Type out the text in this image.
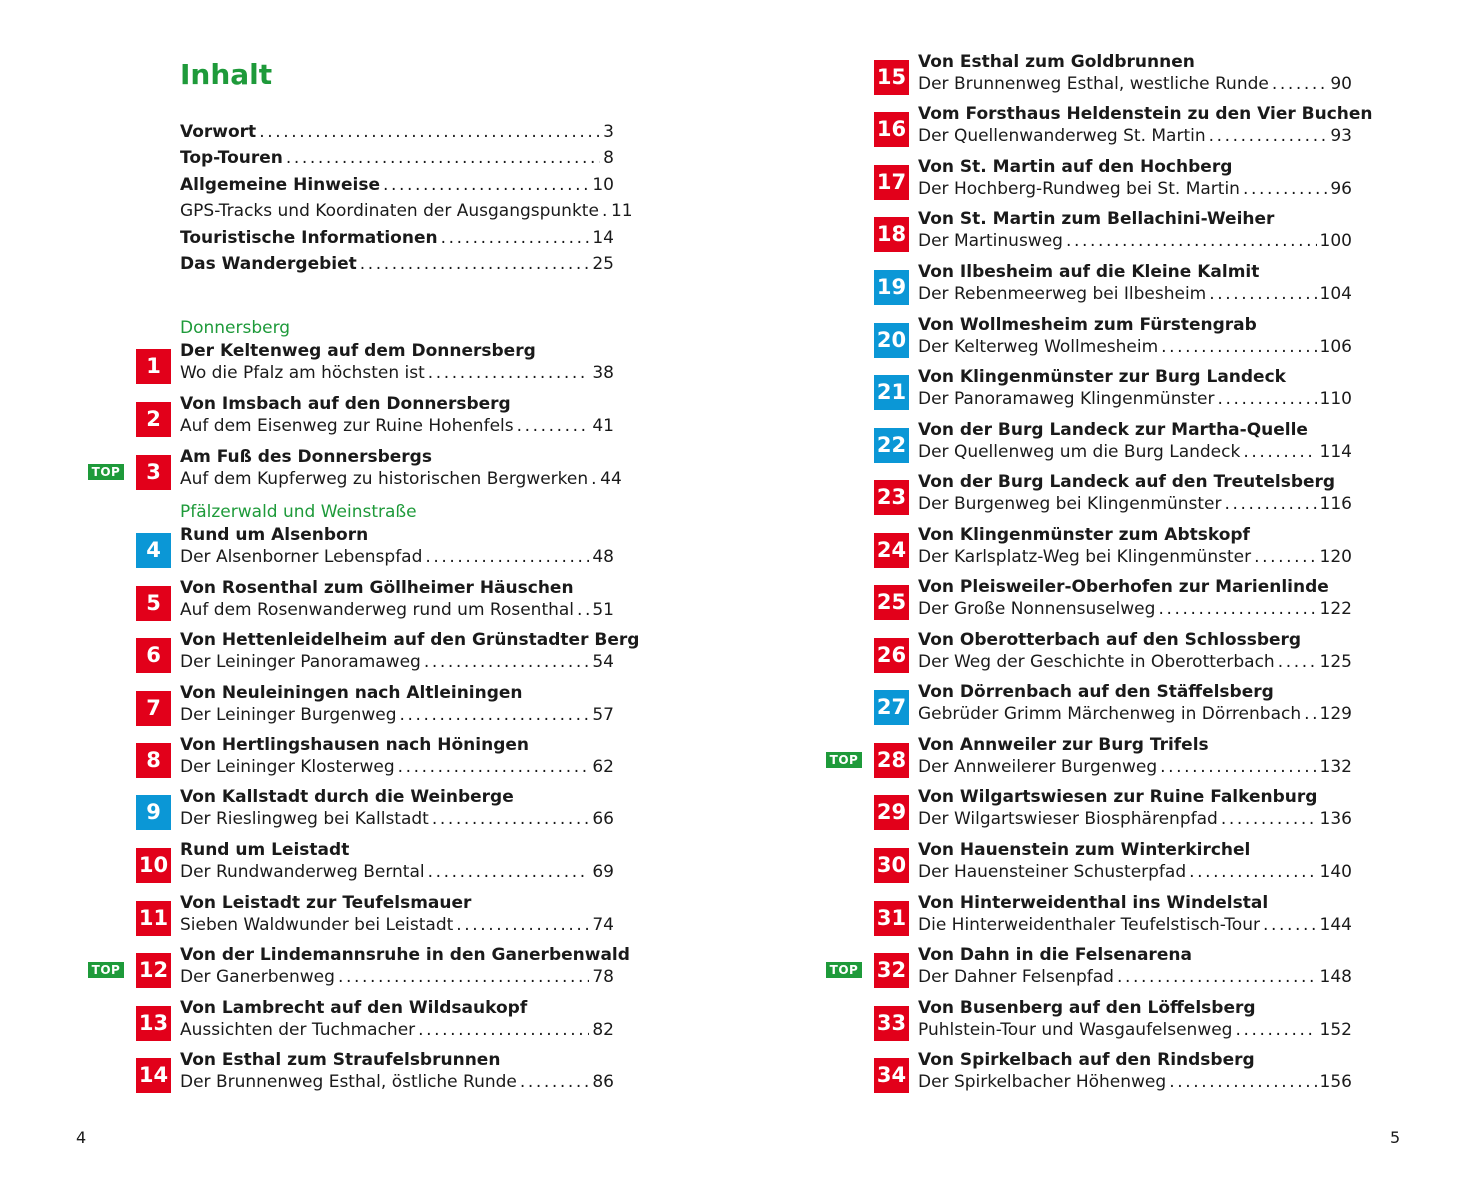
Inhalt
Vorwort .....	3
Top-Touren .....	8
Allgemeine Hinweise .....	10
GPS-Tracks und Koordinaten der Ausgangspunkte ..... 11
Touristische Informationen .....	14
Das Wandergebiet .....	25
Donnersberg
Pfälzerwald und Weinstraße
1
Der Keltenweg auf dem Donnersberg
Wo die Pfalz am höchsten ist .....	38
2
Von Imsbach auf den Donnersberg
Auf dem Eisenweg zur Ruine Hohenfels .....	41
TOP	3
Am Fuß des Donnersbergs
Auf dem Kupferweg zu historischen Bergwerken ..... 44
4
Rund um Alsenborn
Der Alsenborner Lebenspfad .....	48
5
Von Rosenthal zum Göllheimer Häuschen
Auf dem Rosenwanderweg rund um Rosenthal ..... 51
6
Von Hettenleidelheim auf den Grünstadter Berg
Der Leininger Panoramaweg .....	54
7
Von Neuleiningen nach Altleiningen
Der Leininger Burgenweg .....	57
8
Von Hertlingshausen nach Höningen
Der Leininger Klosterweg .....	62
9
Von Kallstadt durch die Weinberge
Der Rieslingweg bei Kallstadt .....	66
10
Rund um Leistadt
Der Rundwanderweg Berntal .....	69
11
Von Leistadt zur Teufelsmauer
Sieben Waldwunder bei Leistadt .....	74
TOP 12
Von der Lindemannsruhe in den Ganerbenwald
Der Ganerbenweg .....	78
13
Von Lambrecht auf den Wildsaukopf
Aussichten der Tuchmacher .....	82
14
Von Esthal zum Straufelsbrunnen
Der Brunnenweg Esthal, östliche Runde .....	86
4
15
Von Esthal zum Goldbrunnen
Der Brunnenweg Esthal, westliche Runde .....	90
16
Vom Forsthaus Heldenstein zu den Vier Buchen
Der Quellenwanderweg St. Martin .....	93
17
Von St. Martin auf den Hochberg
Der Hochberg-Rundweg bei St. Martin .....	96
18
Von St. Martin zum Bellachini-Weiher
Der Martinusweg .....	100
19
Von Ilbesheim auf die Kleine Kalmit
Der Rebenmeerweg bei Ilbesheim .....	104
20
Von Wollmesheim zum Fürstengrab
Der Kelterweg Wollmesheim .....	106
21
Von Klingenmünster zur Burg Landeck
Der Panoramaweg Klingenmünster .....	110
22
Von der Burg Landeck zur Martha-Quelle
Der Quellenweg um die Burg Landeck .....	114
23
Von der Burg Landeck auf den Treutelsberg
Der Burgenweg bei Klingenmünster .....	116
24
Von Klingenmünster zum Abtskopf
Der Karlsplatz-Weg bei Klingenmünster .....	120
25
Von Pleisweiler-Oberhofen zur Marienlinde
Der Große Nonnensuselweg .....	122
26
Von Oberotterbach auf den Schlossberg
Der Weg der Geschichte in Oberotterbach .....	125
27
Von Dörrenbach auf den Stäffelsberg
Gebrüder Grimm Märchenweg in Dörrenbach ..... 129
TOP 28
Von Annweiler zur Burg Trifels
Der Annweilerer Burgenweg .....	132
29
Von Wilgartswiesen zur Ruine Falkenburg
Der Wilgartswieser Biosphärenpfad .....	136
30
Von Hauenstein zum Winterkirchel
Der Hauensteiner Schusterpfad .....	140
31
Von Hinterweidenthal ins Windelstal
Die Hinterweidenthaler Teufelstisch-Tour .....	144
TOP 32
Von Dahn in die Felsenarena
Der Dahner Felsenpfad .....	148
33
Von Busenberg auf den Löffelsberg
Puhlstein-Tour und Wasgaufelsenweg .....	152
34
Von Spirkelbach auf den Rindsberg
Der Spirkelbacher Höhenweg .....	156
5
